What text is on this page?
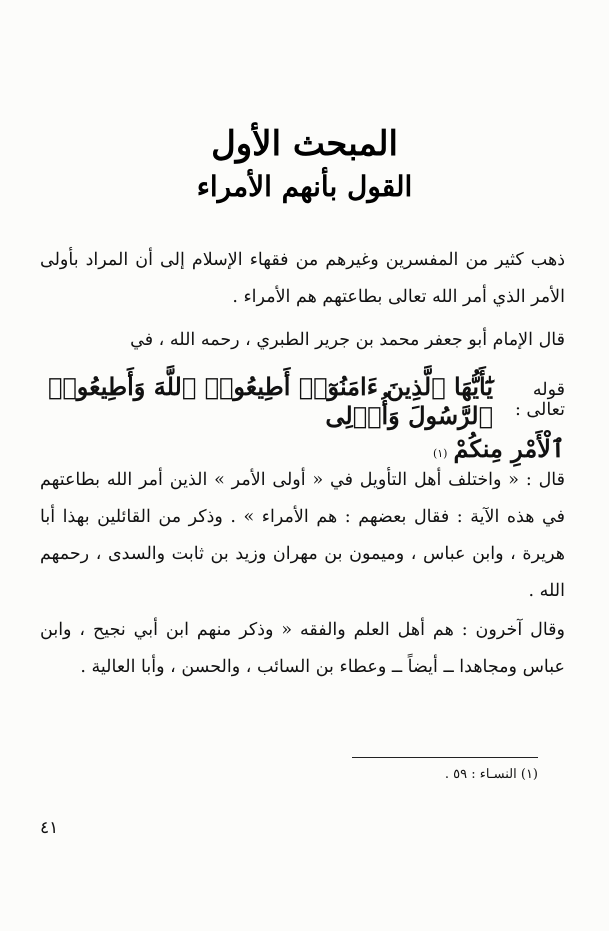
المبحث الأول
القول بأنهم الأمراء
ذهب كثير من المفسرين وغيرهم من فقهاء الإسلام إلى أن المراد بأولى الأمر الذي أمر الله تعالى بطاعتهم هم الأمراء .
قال الإمام أبو جعفر محمد بن جرير الطبري ، رحمه الله ، في
قوله تعالى :
يَٰٓأَيُّهَا ٱلَّذِينَ ءَامَنُوٓا۟ أَطِيعُوا۟ ٱللَّهَ وَأَطِيعُوا۟ ٱلرَّسُولَ وَأُو۟لِى
ٱلْأَمْرِ مِنكُمْ
(١)
قال : « واختلف أهل التأويل في « أولى الأمر » الذين أمر الله بطاعتهم في هذه الآية : فقال بعضهم : هم الأمراء » . وذكر من القائلين بهذا أبا هريرة ، وابن عباس ، وميمون بن مهران وزيد بن ثابت والسدى ، رحمهم الله .
وقال آخرون : هم أهل العلم والفقه « وذكر منهم ابن أبي نجيح ، وابن عباس ومجاهدا ــ أيضاً ــ وعطاء بن السائب ، والحسن ، وأبا العالية .
(١) النسـاء : ٥٩ .
٤١
